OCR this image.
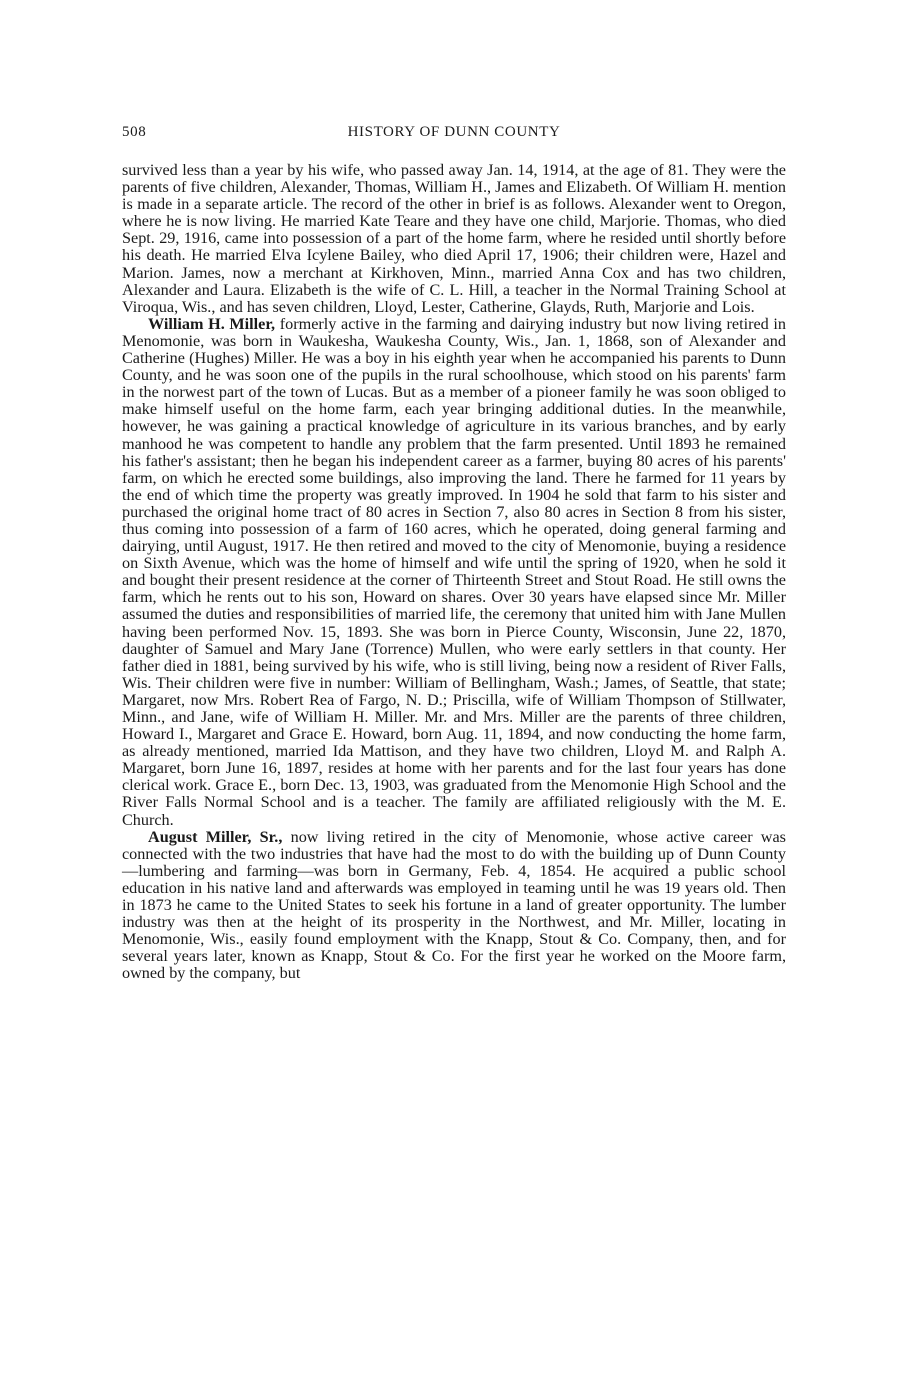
508	HISTORY OF DUNN COUNTY

survived less than a year by his wife, who passed away Jan. 14, 1914, at the age of 81. They were the parents of five children, Alexander, Thomas, William H., James and Elizabeth. Of William H. mention is made in a separate article. The record of the other in brief is as follows. Alexander went to Oregon, where he is now living. He married Kate Teare and they have one child, Marjorie. Thomas, who died Sept. 29, 1916, came into possession of a part of the home farm, where he resided until shortly before his death. He married Elva Icylene Bailey, who died April 17, 1906; their children were, Hazel and Marion. James, now a merchant at Kirkhoven, Minn., married Anna Cox and has two children, Alexander and Laura. Elizabeth is the wife of C. L. Hill, a teacher in the Normal Training School at Viroqua, Wis., and has seven children, Lloyd, Lester, Catherine, Glayds, Ruth, Marjorie and Lois.

William H. Miller, formerly active in the farming and dairying industry but now living retired in Menomonie, was born in Waukesha, Waukesha County, Wis., Jan. 1, 1868, son of Alexander and Catherine (Hughes) Miller. He was a boy in his eighth year when he accompanied his parents to Dunn County, and he was soon one of the pupils in the rural schoolhouse, which stood on his parents' farm in the norwest part of the town of Lucas. But as a member of a pioneer family he was soon obliged to make himself useful on the home farm, each year bringing additional duties. In the meanwhile, however, he was gaining a practical knowledge of agriculture in its various branches, and by early manhood he was competent to handle any problem that the farm presented. Until 1893 he remained his father's assistant; then he began his independent career as a farmer, buying 80 acres of his parents' farm, on which he erected some buildings, also improving the land. There he farmed for 11 years by the end of which time the property was greatly improved. In 1904 he sold that farm to his sister and purchased the original home tract of 80 acres in Section 7, also 80 acres in Section 8 from his sister, thus coming into possession of a farm of 160 acres, which he operated, doing general farming and dairying, until August, 1917. He then retired and moved to the city of Menomonie, buying a residence on Sixth Avenue, which was the home of himself and wife until the spring of 1920, when he sold it and bought their present residence at the corner of Thirteenth Street and Stout Road. He still owns the farm, which he rents out to his son, Howard on shares. Over 30 years have elapsed since Mr. Miller assumed the duties and responsibilities of married life, the ceremony that united him with Jane Mullen having been performed Nov. 15, 1893. She was born in Pierce County, Wisconsin, June 22, 1870, daughter of Samuel and Mary Jane (Torrence) Mullen, who were early settlers in that county. Her father died in 1881, being survived by his wife, who is still living, being now a resident of River Falls, Wis. Their children were five in number: William of Bellingham, Wash.; James, of Seattle, that state; Margaret, now Mrs. Robert Rea of Fargo, N. D.; Priscilla, wife of William Thompson of Stillwater, Minn., and Jane, wife of William H. Miller. Mr. and Mrs. Miller are the parents of three children, Howard I., Margaret and Grace E. Howard, born Aug. 11, 1894, and now conducting the home farm, as already mentioned, married Ida Mattison, and they have two children, Lloyd M. and Ralph A. Margaret, born June 16, 1897, resides at home with her parents and for the last four years has done clerical work. Grace E., born Dec. 13, 1903, was graduated from the Menomonie High School and the River Falls Normal School and is a teacher. The family are affiliated religiously with the M. E. Church.

August Miller, Sr., now living retired in the city of Menomonie, whose active career was connected with the two industries that have had the most to do with the building up of Dunn County—lumbering and farming—was born in Germany, Feb. 4, 1854. He acquired a public school education in his native land and afterwards was employed in teaming until he was 19 years old. Then in 1873 he came to the United States to seek his fortune in a land of greater opportunity. The lumber industry was then at the height of its prosperity in the Northwest, and Mr. Miller, locating in Menomonie, Wis., easily found employment with the Knapp, Stout & Co. Company, then, and for several years later, known as Knapp, Stout & Co. For the first year he worked on the Moore farm, owned by the company, but
